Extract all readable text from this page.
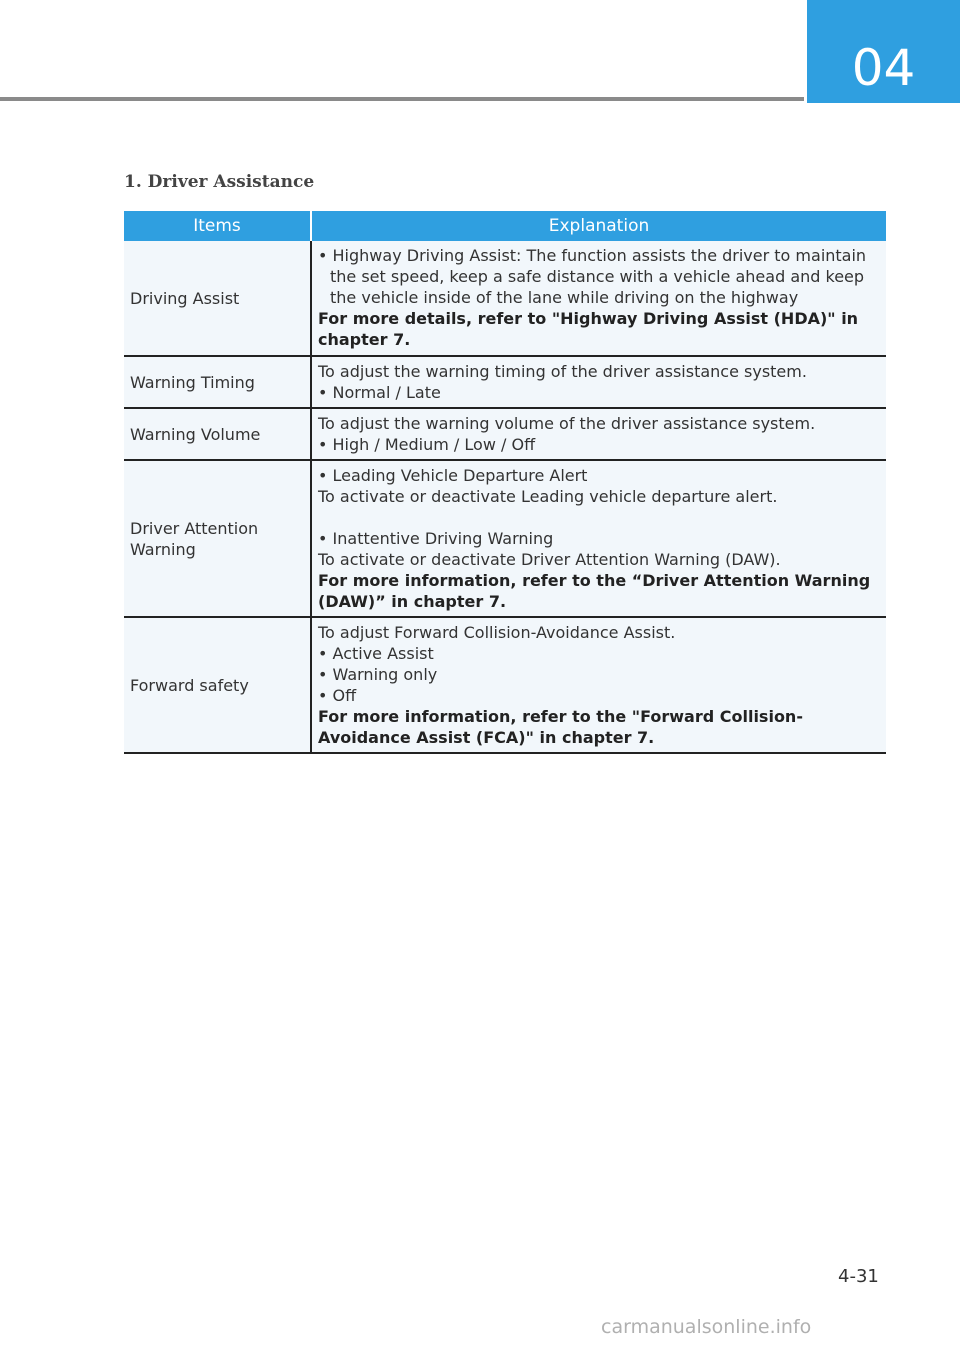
04
1. Driver Assistance
Items	Explanation
Driving Assist	• Highway Driving Assist: The function assists the driver to maintain the set speed, keep a safe distance with a vehicle ahead and keep the vehicle inside of the lane while driving on the highway
For more details, refer to "Highway Driving Assist (HDA)" in chapter 7.

Warning Timing	To adjust the warning timing of the driver assistance system.
• Normal / Late

Warning Volume	To adjust the warning volume of the driver assistance system.
• High / Medium / Low / Off

Driver Attention Warning	• Leading Vehicle Departure Alert
To activate or deactivate Leading vehicle departure alert.
• Inattentive Driving Warning
To activate or deactivate Driver Attention Warning (DAW).
For more information, refer to the “Driver Attention Warning (DAW)” in chapter 7.

Forward safety	To adjust Forward Collision-Avoidance Assist.
• Active Assist
• Warning only
• Off
For more information, refer to the "Forward Collision-Avoidance Assist (FCA)" in chapter 7.
4-31
carmanualsonline.info
